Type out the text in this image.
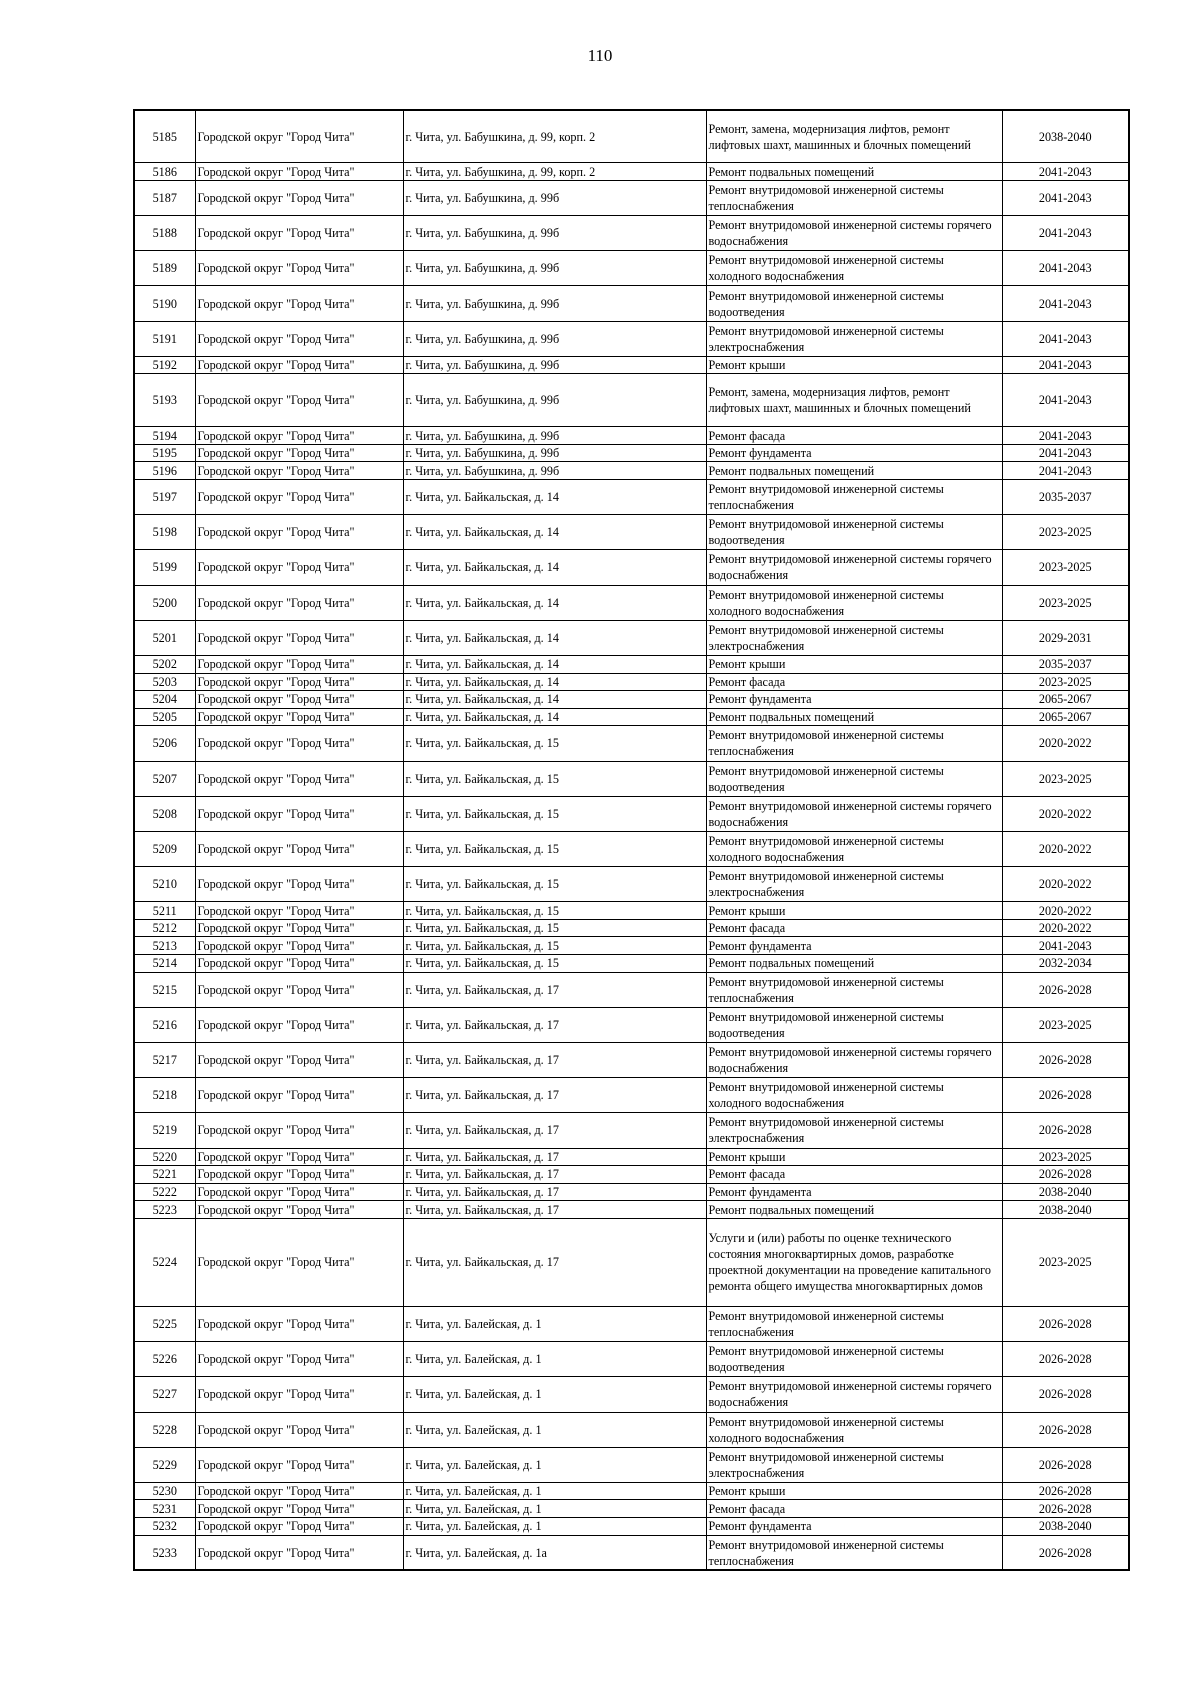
110
5185	Городской округ "Город Чита"	г. Чита, ул. Бабушкина, д. 99, корп. 2	Ремонт, замена, модернизация лифтов, ремонт лифтовых шахт, машинных и блочных помещений	2038-2040
5186	Городской округ "Город Чита"	г. Чита, ул. Бабушкина, д. 99, корп. 2	Ремонт подвальных помещений	2041-2043
5187	Городской округ "Город Чита"	г. Чита, ул. Бабушкина, д. 99б	Ремонт внутридомовой инженерной системы теплоснабжения	2041-2043
5188	Городской округ "Город Чита"	г. Чита, ул. Бабушкина, д. 99б	Ремонт внутридомовой инженерной системы горячего водоснабжения	2041-2043
5189	Городской округ "Город Чита"	г. Чита, ул. Бабушкина, д. 99б	Ремонт внутридомовой инженерной системы холодного водоснабжения	2041-2043
5190	Городской округ "Город Чита"	г. Чита, ул. Бабушкина, д. 99б	Ремонт внутридомовой инженерной системы водоотведения	2041-2043
5191	Городской округ "Город Чита"	г. Чита, ул. Бабушкина, д. 99б	Ремонт внутридомовой инженерной системы электроснабжения	2041-2043
5192	Городской округ "Город Чита"	г. Чита, ул. Бабушкина, д. 99б	Ремонт крыши	2041-2043
5193	Городской округ "Город Чита"	г. Чита, ул. Бабушкина, д. 99б	Ремонт, замена, модернизация лифтов, ремонт лифтовых шахт, машинных и блочных помещений	2041-2043
5194	Городской округ "Город Чита"	г. Чита, ул. Бабушкина, д. 99б	Ремонт фасада	2041-2043
5195	Городской округ "Город Чита"	г. Чита, ул. Бабушкина, д. 99б	Ремонт фундамента	2041-2043
5196	Городской округ "Город Чита"	г. Чита, ул. Бабушкина, д. 99б	Ремонт подвальных помещений	2041-2043
5197	Городской округ "Город Чита"	г. Чита, ул. Байкальская, д. 14	Ремонт внутридомовой инженерной системы теплоснабжения	2035-2037
5198	Городской округ "Город Чита"	г. Чита, ул. Байкальская, д. 14	Ремонт внутридомовой инженерной системы водоотведения	2023-2025
5199	Городской округ "Город Чита"	г. Чита, ул. Байкальская, д. 14	Ремонт внутридомовой инженерной системы горячего водоснабжения	2023-2025
5200	Городской округ "Город Чита"	г. Чита, ул. Байкальская, д. 14	Ремонт внутридомовой инженерной системы холодного водоснабжения	2023-2025
5201	Городской округ "Город Чита"	г. Чита, ул. Байкальская, д. 14	Ремонт внутридомовой инженерной системы электроснабжения	2029-2031
5202	Городской округ "Город Чита"	г. Чита, ул. Байкальская, д. 14	Ремонт крыши	2035-2037
5203	Городской округ "Город Чита"	г. Чита, ул. Байкальская, д. 14	Ремонт фасада	2023-2025
5204	Городской округ "Город Чита"	г. Чита, ул. Байкальская, д. 14	Ремонт фундамента	2065-2067
5205	Городской округ "Город Чита"	г. Чита, ул. Байкальская, д. 14	Ремонт подвальных помещений	2065-2067
5206	Городской округ "Город Чита"	г. Чита, ул. Байкальская, д. 15	Ремонт внутридомовой инженерной системы теплоснабжения	2020-2022
5207	Городской округ "Город Чита"	г. Чита, ул. Байкальская, д. 15	Ремонт внутридомовой инженерной системы водоотведения	2023-2025
5208	Городской округ "Город Чита"	г. Чита, ул. Байкальская, д. 15	Ремонт внутридомовой инженерной системы горячего водоснабжения	2020-2022
5209	Городской округ "Город Чита"	г. Чита, ул. Байкальская, д. 15	Ремонт внутридомовой инженерной системы холодного водоснабжения	2020-2022
5210	Городской округ "Город Чита"	г. Чита, ул. Байкальская, д. 15	Ремонт внутридомовой инженерной системы электроснабжения	2020-2022
5211	Городской округ "Город Чита"	г. Чита, ул. Байкальская, д. 15	Ремонт крыши	2020-2022
5212	Городской округ "Город Чита"	г. Чита, ул. Байкальская, д. 15	Ремонт фасада	2020-2022
5213	Городской округ "Город Чита"	г. Чита, ул. Байкальская, д. 15	Ремонт фундамента	2041-2043
5214	Городской округ "Город Чита"	г. Чита, ул. Байкальская, д. 15	Ремонт подвальных помещений	2032-2034
5215	Городской округ "Город Чита"	г. Чита, ул. Байкальская, д. 17	Ремонт внутридомовой инженерной системы теплоснабжения	2026-2028
5216	Городской округ "Город Чита"	г. Чита, ул. Байкальская, д. 17	Ремонт внутридомовой инженерной системы водоотведения	2023-2025
5217	Городской округ "Город Чита"	г. Чита, ул. Байкальская, д. 17	Ремонт внутридомовой инженерной системы горячего водоснабжения	2026-2028
5218	Городской округ "Город Чита"	г. Чита, ул. Байкальская, д. 17	Ремонт внутридомовой инженерной системы холодного водоснабжения	2026-2028
5219	Городской округ "Город Чита"	г. Чита, ул. Байкальская, д. 17	Ремонт внутридомовой инженерной системы электроснабжения	2026-2028
5220	Городской округ "Город Чита"	г. Чита, ул. Байкальская, д. 17	Ремонт крыши	2023-2025
5221	Городской округ "Город Чита"	г. Чита, ул. Байкальская, д. 17	Ремонт фасада	2026-2028
5222	Городской округ "Город Чита"	г. Чита, ул. Байкальская, д. 17	Ремонт фундамента	2038-2040
5223	Городской округ "Город Чита"	г. Чита, ул. Байкальская, д. 17	Ремонт подвальных помещений	2038-2040
5224	Городской округ "Город Чита"	г. Чита, ул. Байкальская, д. 17	Услуги и (или) работы по оценке технического состояния многоквартирных домов, разработке проектной документации на проведение капитального ремонта общего имущества многоквартирных домов	2023-2025
5225	Городской округ "Город Чита"	г. Чита, ул. Балейская, д. 1	Ремонт внутридомовой инженерной системы теплоснабжения	2026-2028
5226	Городской округ "Город Чита"	г. Чита, ул. Балейская, д. 1	Ремонт внутридомовой инженерной системы водоотведения	2026-2028
5227	Городской округ "Город Чита"	г. Чита, ул. Балейская, д. 1	Ремонт внутридомовой инженерной системы горячего водоснабжения	2026-2028
5228	Городской округ "Город Чита"	г. Чита, ул. Балейская, д. 1	Ремонт внутридомовой инженерной системы холодного водоснабжения	2026-2028
5229	Городской округ "Город Чита"	г. Чита, ул. Балейская, д. 1	Ремонт внутридомовой инженерной системы электроснабжения	2026-2028
5230	Городской округ "Город Чита"	г. Чита, ул. Балейская, д. 1	Ремонт крыши	2026-2028
5231	Городской округ "Город Чита"	г. Чита, ул. Балейская, д. 1	Ремонт фасада	2026-2028
5232	Городской округ "Город Чита"	г. Чита, ул. Балейская, д. 1	Ремонт фундамента	2038-2040
5233	Городской округ "Город Чита"	г. Чита, ул. Балейская, д. 1а	Ремонт внутридомовой инженерной системы теплоснабжения	2026-2028
